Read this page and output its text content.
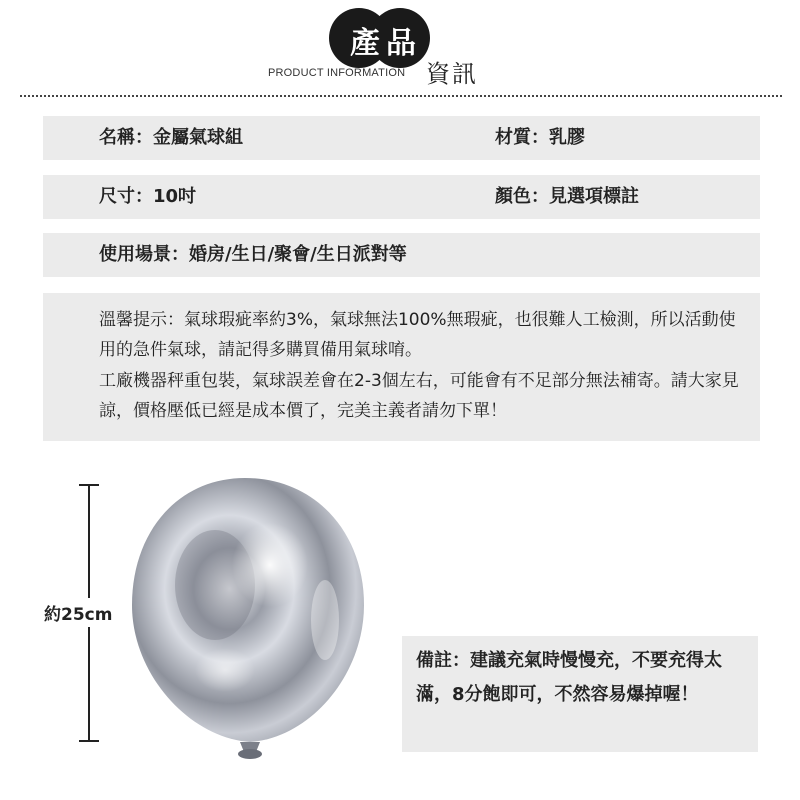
產品
PRODUCT INFORMATION 資訊
名稱：金屬氣球組	材質：乳膠
尺寸：10吋	顏色：見選項標註
使用場景：婚房/生日/聚會/生日派對等

溫馨提示：氣球瑕疵率約3%，氣球無法100%無瑕疵，也很難人工檢測，所以活動使用的急件氣球，請記得多購買備用氣球唷。

工廠機器秤重包裝，氣球誤差會在2-3個左右，可能會有不足部分無法補寄。請大家見諒，價格壓低已經是成本價了，完美主義者請勿下單！

約25cm

備註：建議充氣時慢慢充，不要充得太滿，8分飽即可，不然容易爆掉喔！
